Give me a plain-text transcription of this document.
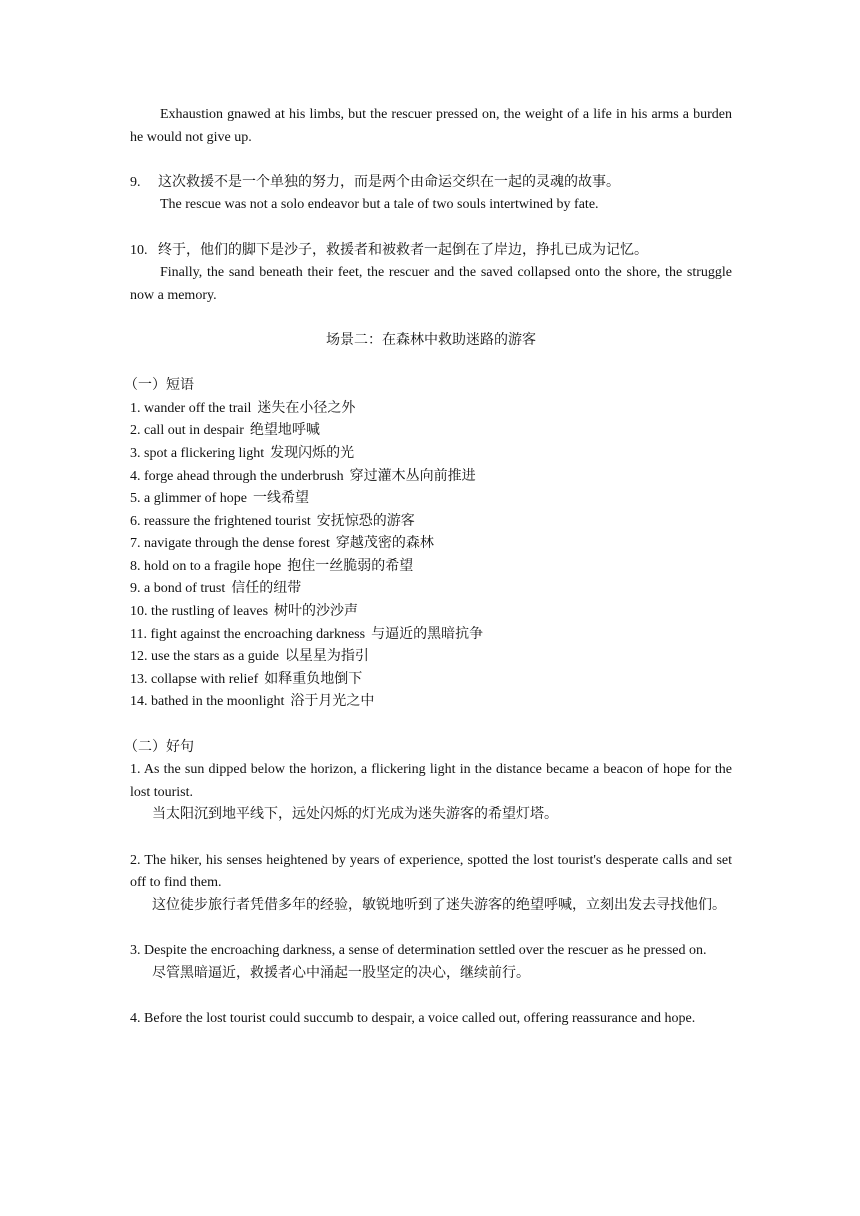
Exhaustion gnawed at his limbs, but the rescuer pressed on, the weight of a life in his arms a burden he would not give up.

9.	这次救援不是一个单独的努力，而是两个由命运交织在一起的灵魂的故事。

The rescue was not a solo endeavor but a tale of two souls intertwined by fate.

10. 终于，他们的脚下是沙子，救援者和被救者一起倒在了岸边，挣扎已成为记忆。

Finally, the sand beneath their feet, the rescuer and the saved collapsed onto the shore, the struggle now a memory.

场景二：在森林中救助迷路的游客

（一）短语

1. wander off the trail 迷失在小径之外

2. call out in despair 绝望地呼喊

3. spot a flickering light 发现闪烁的光

4. forge ahead through the underbrush 穿过灌木丛向前推进

5. a glimmer of hope 一线希望

6. reassure the frightened tourist 安抚惊恐的游客

7. navigate through the dense forest 穿越茂密的森林

8. hold on to a fragile hope 抱住一丝脆弱的希望

9. a bond of trust 信任的纽带

10. the rustling of leaves 树叶的沙沙声

11. fight against the encroaching darkness 与逼近的黑暗抗争

12. use the stars as a guide 以星星为指引

13. collapse with relief 如释重负地倒下

14. bathed in the moonlight 浴于月光之中

（二）好句

1. As the sun dipped below the horizon, a flickering light in the distance became a beacon of hope for the lost tourist.

当太阳沉到地平线下，远处闪烁的灯光成为迷失游客的希望灯塔。

2. The hiker, his senses heightened by years of experience, spotted the lost tourist's desperate calls and set off to find them.

这位徒步旅行者凭借多年的经验，敏锐地听到了迷失游客的绝望呼喊，立刻出发去寻找他们。

3. Despite the encroaching darkness, a sense of determination settled over the rescuer as he pressed on.

尽管黑暗逼近，救援者心中涌起一股坚定的决心，继续前行。

4. Before the lost tourist could succumb to despair, a voice called out, offering reassurance and hope.
